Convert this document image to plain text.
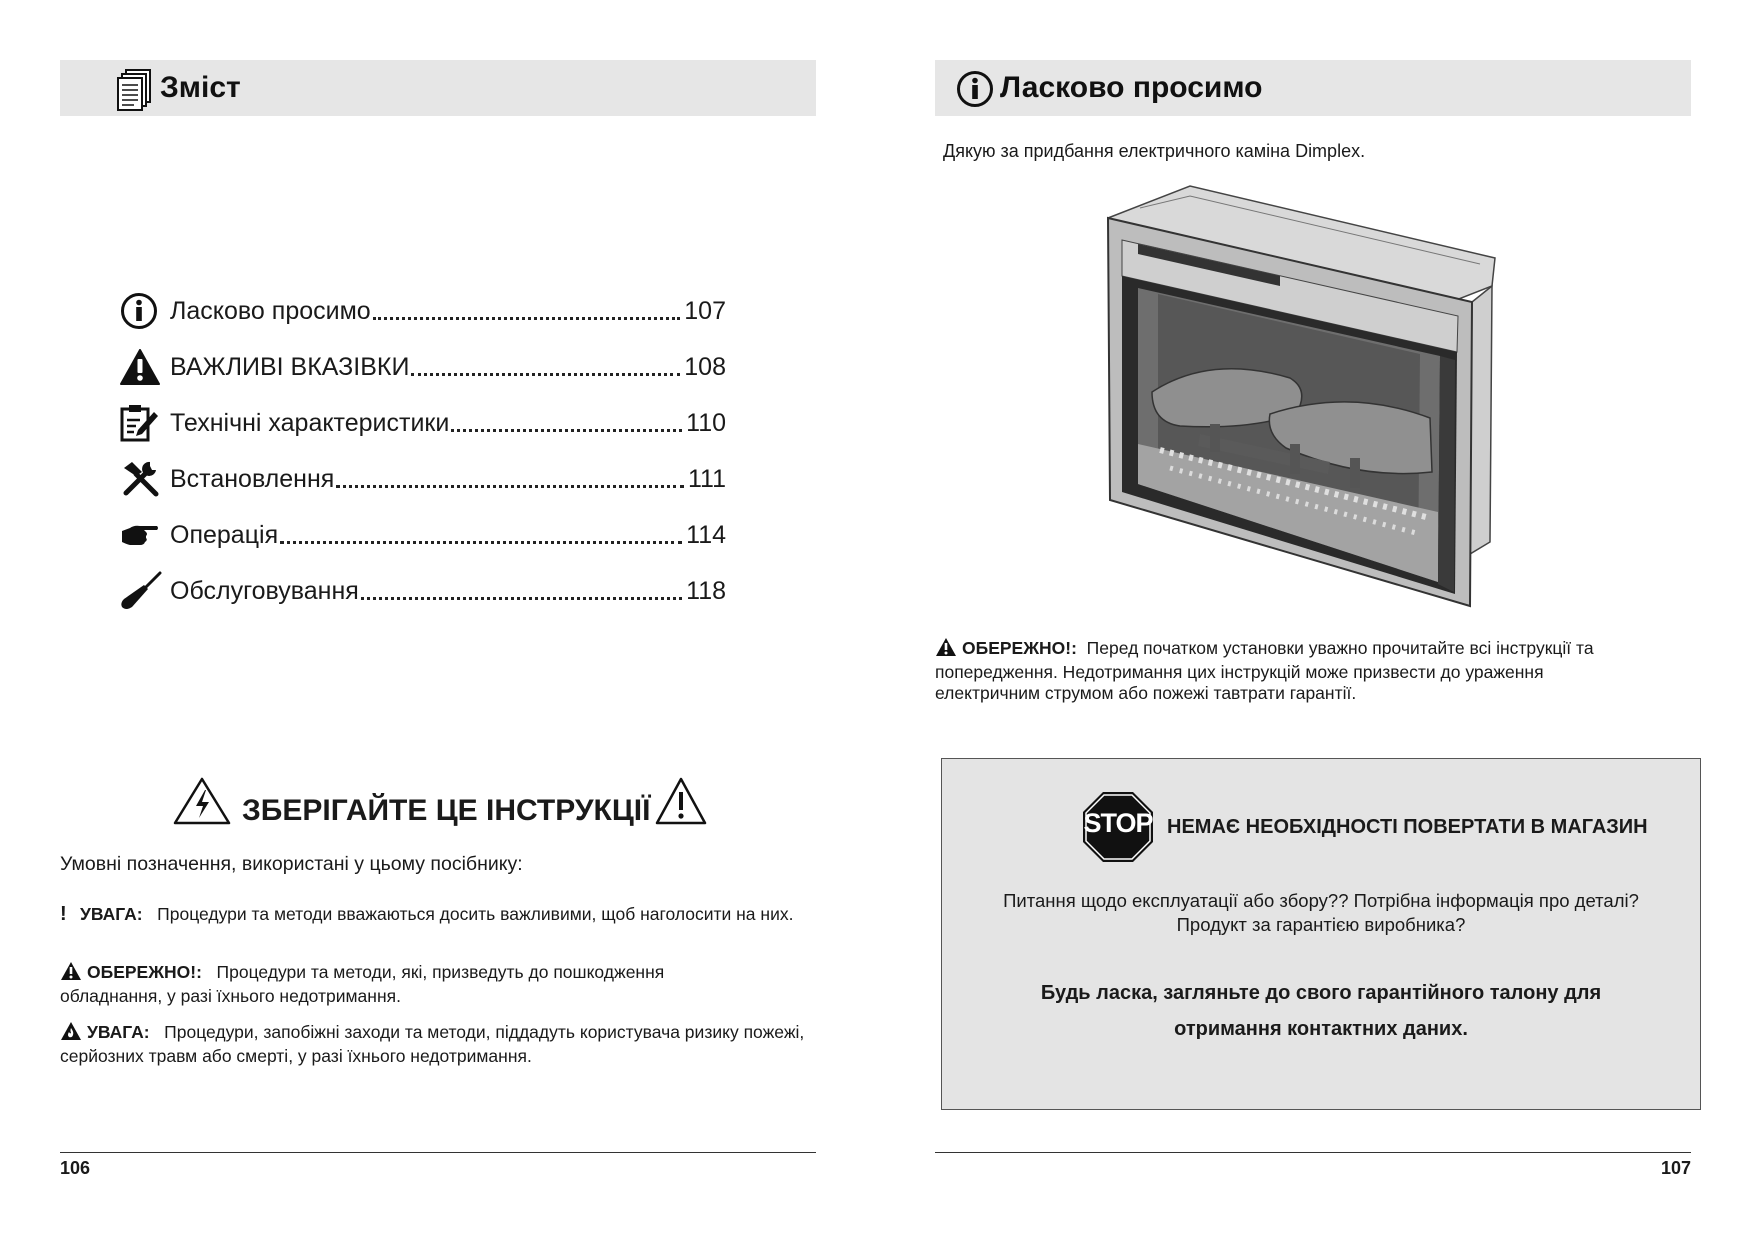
Зміст
Ласково просимо	107
ВАЖЛИВІ ВКАЗІВКИ	108
Технічні характеристики	110
Встановлення	111
Операція	114
Обслуговування	118
ЗБЕРІГАЙТЕ ЦЕ ІНСТРУКЦІЇ
Умовні позначення, використані у цьому посібнику:
! УВАГА: Процедури та методи вважаються досить важливими, щоб наголосити на них.
ОБЕРЕЖНО!: Процедури та методи, які, призведуть до пошкодження обладнання, у разі їхнього недотримання.
УВАГА: Процедури, запобіжні заходи та методи, піддадуть користувача ризику пожежі, серйозних травм або смерті, у разі їхнього недотримання.
106
Ласково просимо
Дякую за придбання електричного каміна Dimplex.
ОБЕРЕЖНО!: Перед початком установки уважно прочитайте всі інструкції та попередження. Недотримання цих інструкцій може призвести до ураження електричним струмом або пожежі тавтрати гарантії.
STOP НЕМАЄ НЕОБХІДНОСТІ ПОВЕРТАТИ В МАГАЗИН
Питання щодо експлуатації або збору?? Потрібна інформація про деталі?
Продукт за гарантією виробника?
Будь ласка, загляньте до свого гарантійного талону для
отримання контактних даних.
107
